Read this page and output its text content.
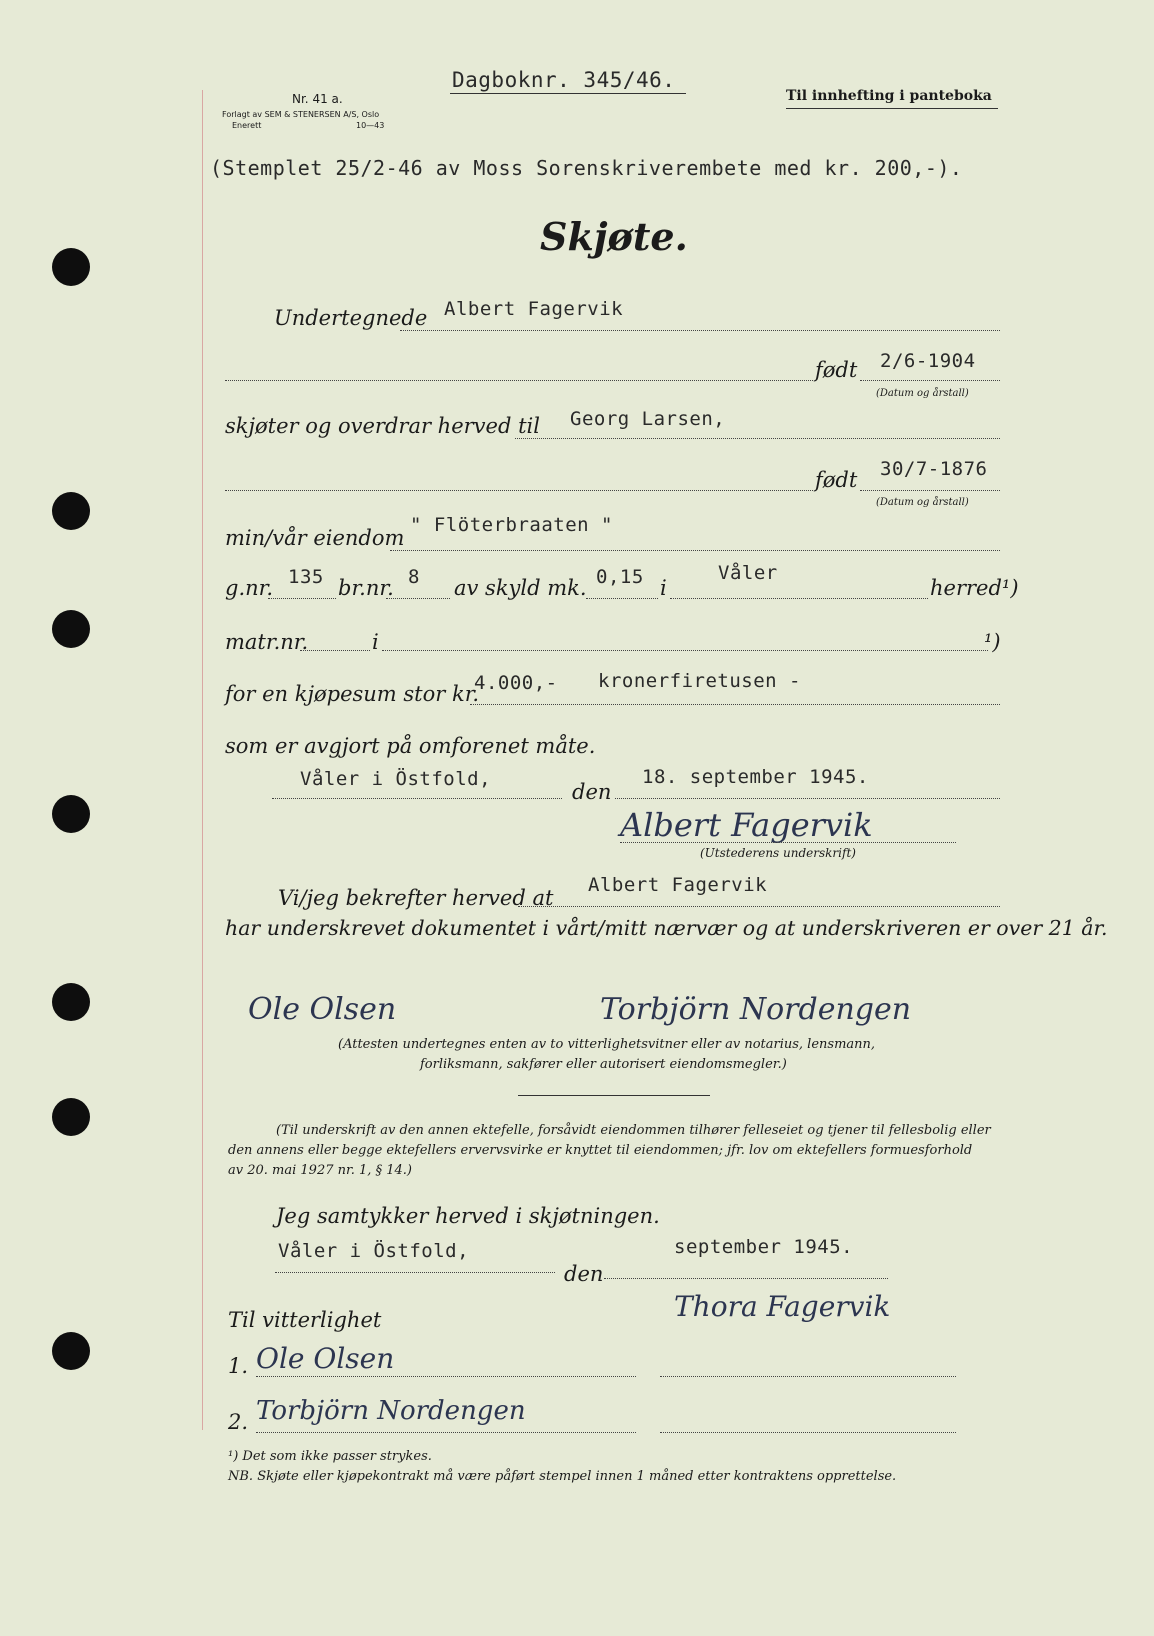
Nr. 41 a.
Forlagt av SEM & STENERSEN A/S, Oslo
Enerett	10—43
Dagboknr. 345/46.
Til innhefting i panteboka
(Stemplet 25/2-46 av Moss Sorenskriverembete med kr. 200,-).
Skjøte.
Undertegnede Albert Fagervik
født 2/6-1904
(Datum og årstall)
skjøter og overdrar herved til Georg Larsen,
født 30/7-1876
(Datum og årstall)
min/vår eiendom
" Flöterbraaten "
g.nr. 135 br.nr. 8 av skyld mk. 0,15 i
Våler
herred¹)
matr.nr.	i	¹)
for en kjøpesum stor kr.
4.000,- kronerfiretusen -
som er avgjort på omforenet måte.
Våler i Östfold,
den
18. september 1945.
Albert Fagervik
(Utstederens underskrift)
Vi/jeg bekrefter herved at
Albert Fagervik
har underskrevet dokumentet i vårt/mitt nærvær og at underskriveren er over 21 år.
Ole Olsen	Torbjörn Nordengen
(Attesten undertegnes enten av to vitterlighetsvitner eller av notarius, lensmann,
forliksmann, sakfører eller autorisert eiendomsmegler.)
(Til underskrift av den annen ektefelle, forsåvidt eiendommen tilhører felleseiet og tjener til fellesbolig eller
den annens eller begge ektefellers ervervsvirke er knyttet til eiendommen; jfr. lov om ektefellers formuesforhold
av 20. mai 1927 nr. 1, § 14.)
Jeg samtykker herved i skjøtningen.
Våler i Östfold,
den
september 1945.
Thora Fagervik
Til vitterlighet
1. Ole Olsen
2. Torbjörn Nordengen
¹) Det som ikke passer strykes.
NB. Skjøte eller kjøpekontrakt må være påført stempel innen 1 måned etter kontraktens opprettelse.
